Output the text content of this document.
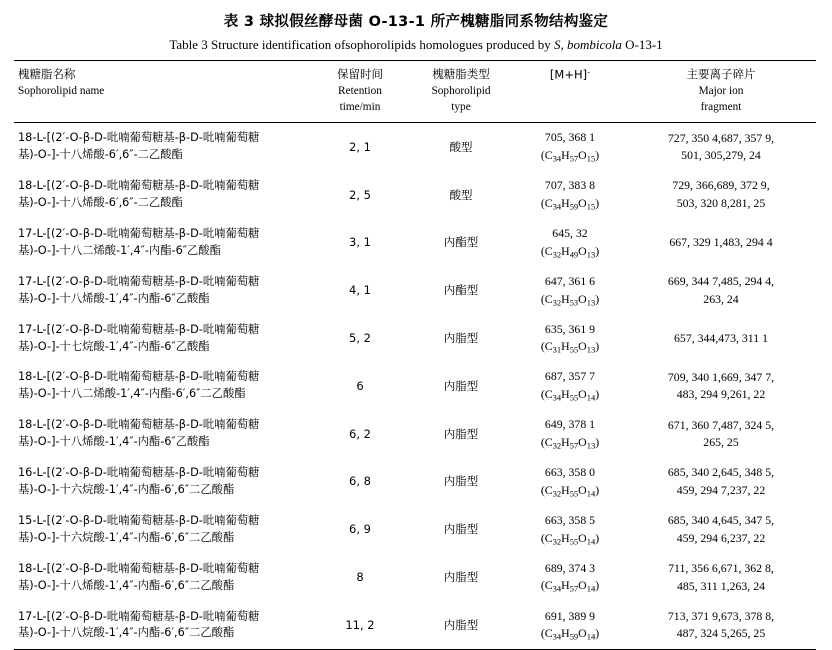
表 3 球拟假丝酵母菌 O-13-1 所产槐糖脂同系物结构鉴定
Table 3 Structure identification ofsophorolipids homologues produced by S, bombicola O-13-1
槐糖脂名称
Sophorolipid name	保留时间
Retention
time/min	槐糖脂类型
Sophorolipid
type	[M+H]-	主要离子碎片
Major ion
fragment

18-L-[(2′-O-β-D-吡喃葡萄糖基-β-D-吡喃葡萄糖
基)-O-]-十八烯酸-6′,6″-二乙酸酯	2, 1	酸型	705, 368 1
$(C_{34}H_{57}O_{15})$	727, 350 4,687, 357 9,
501, 305,279, 24

18-L-[(2′-O-β-D-吡喃葡萄糖基-β-D-吡喃葡萄糖
基)-O-]-十八烯酸-6′,6″-二乙酸酯	2, 5	酸型	707, 383 8
$(C_{34}H_{59}O_{15})$	729, 366,689, 372 9,
503, 320 8,281, 25

17-L-[(2′-O-β-D-吡喃葡萄糖基-β-D-吡喃葡萄糖
基)-O-]-十八二烯酸-1′,4″-内酯-6″乙酸酯	3, 1	内酯型	645, 32
$(C_{32}H_{49}O_{13})$	667, 329 1,483, 294 4

17-L-[(2′-O-β-D-吡喃葡萄糖基-β-D-吡喃葡萄糖
基)-O-]-十八烯酸-1′,4″-内酯-6″乙酸酯	4, 1	内酯型	647, 361 6
$(C_{32}H_{53}O_{13})$	669, 344 7,485, 294 4,
263, 24

17-L-[(2′-O-β-D-吡喃葡萄糖基-β-D-吡喃葡萄糖
基)-O-]-十七烷酸-1′,4″-内酯-6″乙酸酯	5, 2	内脂型	635, 361 9
$(C_{31}H_{55}O_{13})$	657, 344,473, 311 1

18-L-[(2′-O-β-D-吡喃葡萄糖基-β-D-吡喃葡萄糖
基)-O-]-十八二烯酸-1′,4″-内酯-6′,6″二乙酸酯	6	内脂型	687, 357 7
$(C_{34}H_{55}O_{14})$	709, 340 1,669, 347 7,
483, 294 9,261, 22

18-L-[(2′-O-β-D-吡喃葡萄糖基-β-D-吡喃葡萄糖
基)-O-]-十八烯酸-1′,4″-内酯-6″乙酸酯	6, 2	内脂型	649, 378 1
$(C_{32}H_{57}O_{13})$	671, 360 7,487, 324 5,
265, 25

16-L-[(2′-O-β-D-吡喃葡萄糖基-β-D-吡喃葡萄糖
基)-O-]-十六烷酸-1′,4″-内酯-6′,6″二乙酸酯	6, 8	内脂型	663, 358 0
$(C_{32}H_{55}O_{14})$	685, 340 2,645, 348 5,
459, 294 7,237, 22

15-L-[(2′-O-β-D-吡喃葡萄糖基-β-D-吡喃葡萄糖
基)-O-]-十六烷酸-1′,4″-内酯-6′,6″二乙酸酯	6, 9	内脂型	663, 358 5
$(C_{32}H_{55}O_{14})$	685, 340 4,645, 347 5,
459, 294 6,237, 22

18-L-[(2′-O-β-D-吡喃葡萄糖基-β-D-吡喃葡萄糖
基)-O-]-十八烯酸-1′,4″-内酯-6′,6″二乙酸酯	8	内脂型	689, 374 3
$(C_{34}H_{57}O_{14})$	711, 356 6,671, 362 8,
485, 311 1,263, 24

17-L-[(2′-O-β-D-吡喃葡萄糖基-β-D-吡喃葡萄糖
基)-O-]-十八烷酸-1′,4″-内酯-6′,6″二乙酸酯	11, 2	内脂型	691, 389 9
$(C_{34}H_{59}O_{14})$	713, 371 9,673, 378 8,
487, 324 5,265, 25
